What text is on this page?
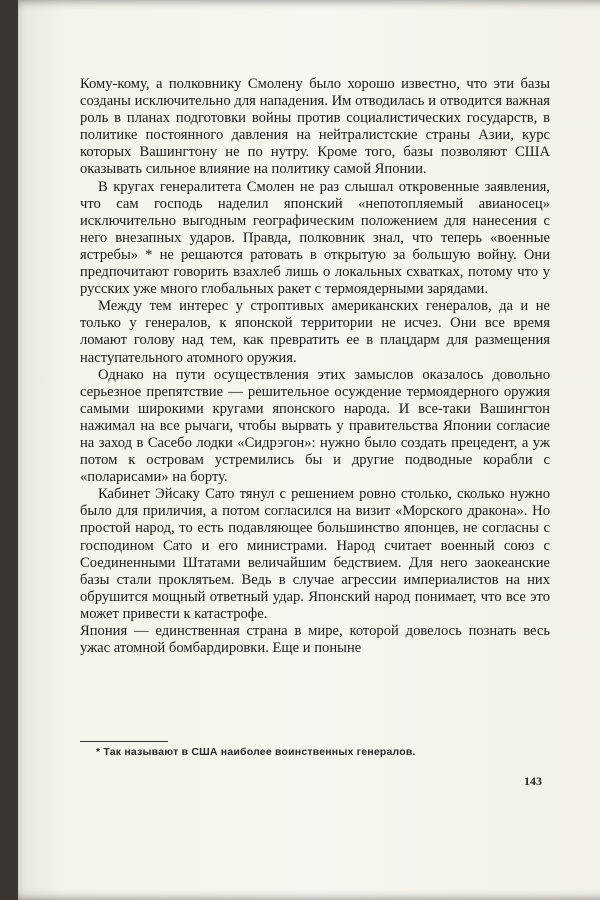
Кому-кому, а полковнику Смолену было хорошо известно, что эти базы созданы исключительно для нападения. Им отводилась и отводится важная роль в планах подготовки войны против социалистических государств, в политике постоянного давления на нейтралистские страны Азии, курс которых Вашингтону не по нутру. Кроме того, базы позволяют США оказывать сильное влияние на политику самой Японии.

В кругах генералитета Смолен не раз слышал откровенные заявления, что сам господь наделил японский «непотопляемый авианосец» исключительно выгодным географическим положением для нанесения с него внезапных ударов. Правда, полковник знал, что теперь «военные ястребы» * не решаются ратовать в открытую за большую войну. Они предпочитают говорить взахлеб лишь о локальных схватках, потому что у русских уже много глобальных ракет с термоядерными зарядами.

Между тем интерес у строптивых американских генералов, да и не только у генералов, к японской территории не исчез. Они все время ломают голову над тем, как превратить ее в плацдарм для размещения наступательного атомного оружия.

Однако на пути осуществления этих замыслов оказалось довольно серьезное препятствие — решительное осуждение термоядерного оружия самыми широкими кругами японского народа. И все-таки Вашингтон нажимал на все рычаги, чтобы вырвать у правительства Японии согласие на заход в Сасебо лодки «Сидрэгон»: нужно было создать прецедент, а уж потом к островам устремились бы и другие подводные корабли с «поларисами» на борту.

Кабинет Эйсаку Сато тянул с решением ровно столько, сколько нужно было для приличия, а потом согласился на визит «Морского дракона». Но простой народ, то есть подавляющее большинство японцев, не согласны с господином Сато и его министрами. Народ считает военный союз с Соединенными Штатами величайшим бедствием. Для него заокеанские базы стали проклятьем. Ведь в случае агрессии империалистов на них обрушится мощный ответный удар. Японский народ понимает, что все это может привести к катастрофе.

Япония — единственная страна в мире, которой довелось познать весь ужас атомной бомбардировки. Еще и поныне

* Так называют в США наиболее воинственных генералов.
143
